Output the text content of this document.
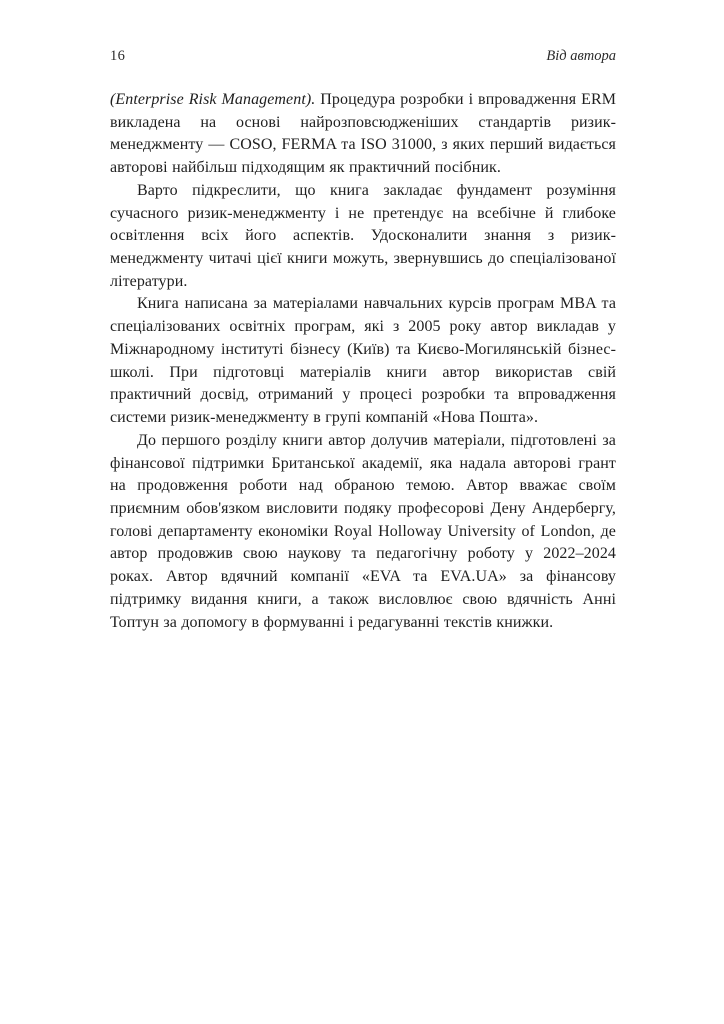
16	Від автора

(Enterprise Risk Management). Процедура розробки і впровадження ERM викладена на основі найрозповсюдженіших стандартів ризик-менеджменту — COSO, FERMA та ISO 31000, з яких перший видається авторові найбільш підходящим як практичний посібник.

Варто підкреслити, що книга закладає фундамент розуміння сучасного ризик-менеджменту і не претендує на всебічне й глибоке освітлення всіх його аспектів. Удосконалити знання з ризик-менеджменту читачі цієї книги можуть, звернувшись до спеціалізованої літератури.

Книга написана за матеріалами навчальних курсів програм MBA та спеціалізованих освітніх програм, які з 2005 року автор викладав у Міжнародному інституті бізнесу (Київ) та Києво-Могилянській бізнес-школі. При підготовці матеріалів книги автор використав свій практичний досвід, отриманий у процесі розробки та впровадження системи ризик-менеджменту в групі компаній «Нова Пошта».

До першого розділу книги автор долучив матеріали, підготовлені за фінансової підтримки Британської академії, яка надала авторові грант на продовження роботи над обраною темою. Автор вважає своїм приємним обов'язком висловити подяку професорові Дену Андербергу, голові департаменту економіки Royal Holloway University of London, де автор продовжив свою наукову та педагогічну роботу у 2022–2024 роках. Автор вдячний компанії «EVA та EVA.UA» за фінансову підтримку видання книги, а також висловлює свою вдячність Анні Топтун за допомогу в формуванні і редагуванні текстів книжки.
